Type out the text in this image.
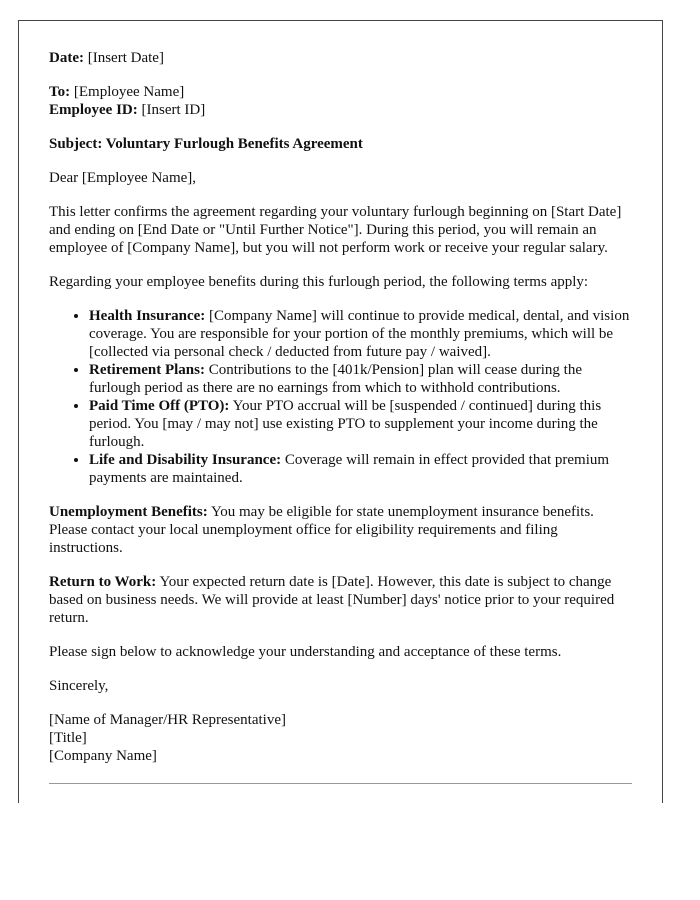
Date: [Insert Date]

To: [Employee Name]
Employee ID: [Insert ID]

Subject: Voluntary Furlough Benefits Agreement

Dear [Employee Name],

This letter confirms the agreement regarding your voluntary furlough beginning on [Start Date] and ending on [End Date or "Until Further Notice"]. During this period, you will remain an employee of [Company Name], but you will not perform work or receive your regular salary.

Regarding your employee benefits during this furlough period, the following terms apply:

• Health Insurance: [Company Name] will continue to provide medical, dental, and vision coverage. You are responsible for your portion of the monthly premiums, which will be [collected via personal check / deducted from future pay / waived].
• Retirement Plans: Contributions to the [401k/Pension] plan will cease during the furlough period as there are no earnings from which to withhold contributions.
• Paid Time Off (PTO): Your PTO accrual will be [suspended / continued] during this period. You [may / may not] use existing PTO to supplement your income during the furlough.
• Life and Disability Insurance: Coverage will remain in effect provided that premium payments are maintained.

Unemployment Benefits: You may be eligible for state unemployment insurance benefits. Please contact your local unemployment office for eligibility requirements and filing instructions.

Return to Work: Your expected return date is [Date]. However, this date is subject to change based on business needs. We will provide at least [Number] days' notice prior to your required return.

Please sign below to acknowledge your understanding and acceptance of these terms.

Sincerely,

[Name of Manager/HR Representative]
[Title]
[Company Name]
